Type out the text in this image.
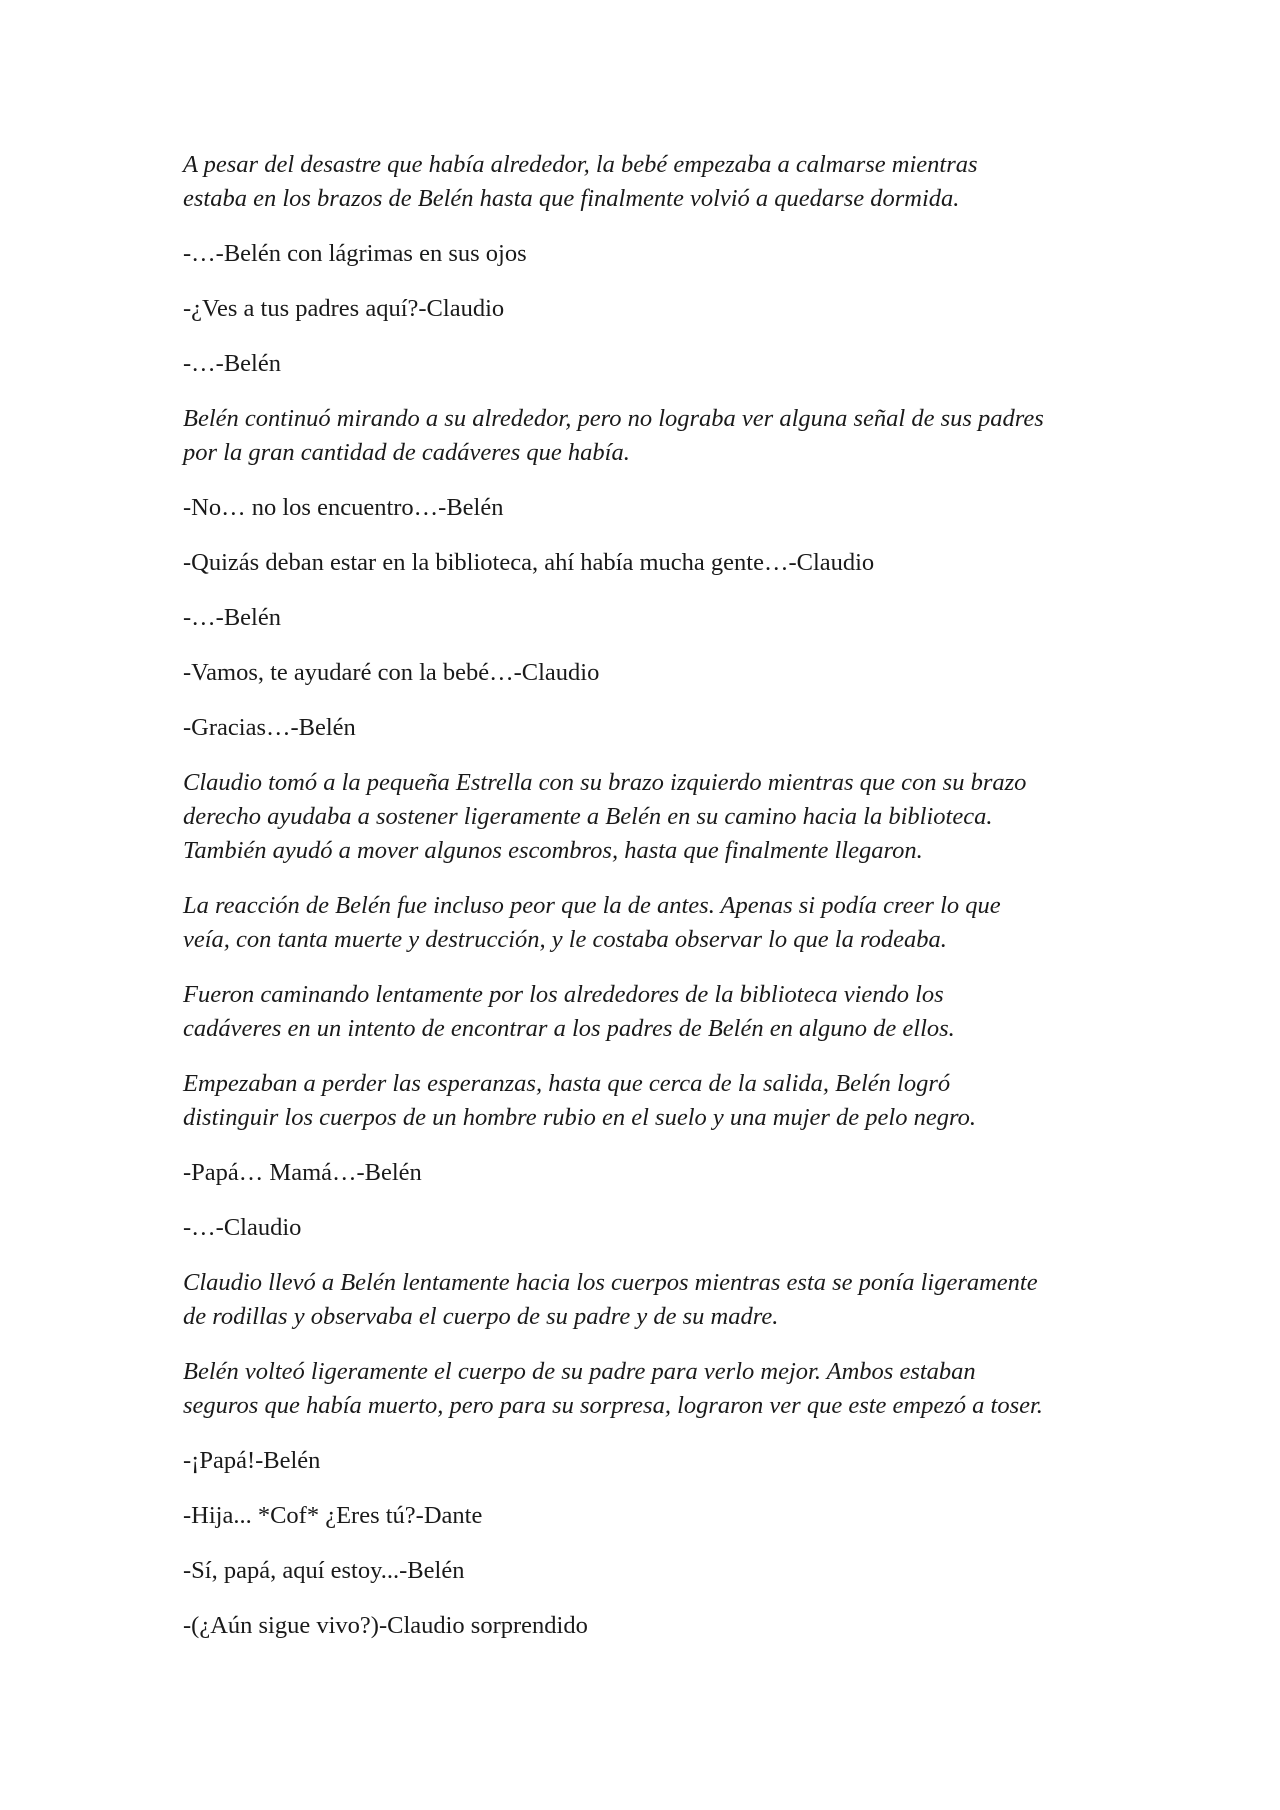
A pesar del desastre que había alrededor, la bebé empezaba a calmarse mientras
estaba en los brazos de Belén hasta que finalmente volvió a quedarse dormida.

-…-Belén con lágrimas en sus ojos

-¿Ves a tus padres aquí?-Claudio

-…-Belén

Belén continuó mirando a su alrededor, pero no lograba ver alguna señal de sus padres
por la gran cantidad de cadáveres que había.

-No… no los encuentro…-Belén

-Quizás deban estar en la biblioteca, ahí había mucha gente…-Claudio

-…-Belén

-Vamos, te ayudaré con la bebé…-Claudio

-Gracias…-Belén

Claudio tomó a la pequeña Estrella con su brazo izquierdo mientras que con su brazo
derecho ayudaba a sostener ligeramente a Belén en su camino hacia la biblioteca.
También ayudó a mover algunos escombros, hasta que finalmente llegaron.

La reacción de Belén fue incluso peor que la de antes. Apenas si podía creer lo que
veía, con tanta muerte y destrucción, y le costaba observar lo que la rodeaba.

Fueron caminando lentamente por los alrededores de la biblioteca viendo los
cadáveres en un intento de encontrar a los padres de Belén en alguno de ellos.

Empezaban a perder las esperanzas, hasta que cerca de la salida, Belén logró
distinguir los cuerpos de un hombre rubio en el suelo y una mujer de pelo negro.

-Papá… Mamá…-Belén

-…-Claudio

Claudio llevó a Belén lentamente hacia los cuerpos mientras esta se ponía ligeramente
de rodillas y observaba el cuerpo de su padre y de su madre.

Belén volteó ligeramente el cuerpo de su padre para verlo mejor. Ambos estaban
seguros que había muerto, pero para su sorpresa, lograron ver que este empezó a toser.

-¡Papá!-Belén

-Hija... *Cof* ¿Eres tú?-Dante

-Sí, papá, aquí estoy...-Belén

-(¿Aún sigue vivo?)-Claudio sorprendido
